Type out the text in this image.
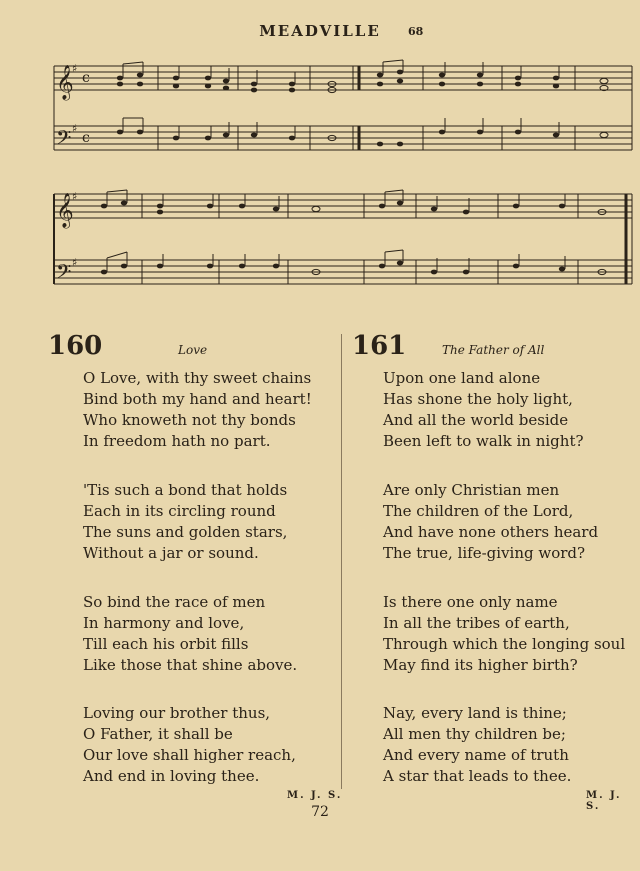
MEADVILLE	68
𝄞
𝄢
𝄞
𝄢
c
c
♯
♯
♯
♯
160	Love
O Love, with thy sweet chains
Bind both my hand and heart!
Who knoweth not thy bonds
In freedom hath no part.
'Tis such a bond that holds
Each in its circling round
The suns and golden stars,
Without a jar or sound.
So bind the race of men
In harmony and love,
Till each his orbit fills
Like those that shine above.
Loving our brother thus,
O Father, it shall be
Our love shall higher reach,
And end in loving thee.
M. J. S.
161	The Father of All
Upon one land alone
Has shone the holy light,
And all the world beside
Been left to walk in night?
Are only Christian men
The children of the Lord,
And have none others heard
The true, life-giving word?
Is there one only name
In all the tribes of earth,
Through which the longing soul
May find its higher birth?
Nay, every land is thine;
All men thy children be;
And every name of truth
A star that leads to thee.
M. J. S.
72
